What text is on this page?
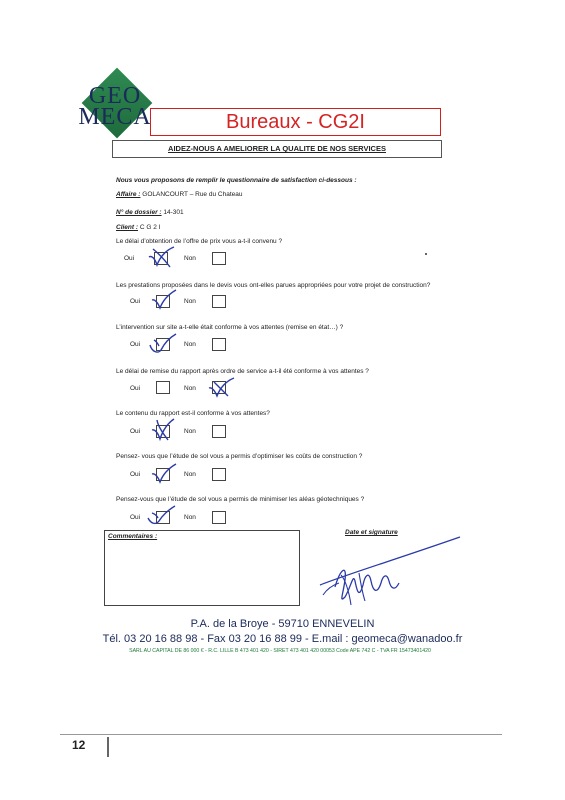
GEO
MECA	Bureaux - CG2I
AIDEZ-NOUS A AMELIORER LA QUALITE DE NOS SERVICES
Nous vous proposons de remplir le questionnaire de satisfaction ci-dessous :
Affaire : GOLANCOURT – Rue du Chateau
N° de dossier : 14-301
Client : C G 2 I
Le délai d’obtention de l’offre de prix vous a-t-il convenu ?
Oui	Non
Les prestations proposées dans le devis vous ont-elles parues appropriées pour votre projet de construction?
Oui	Non
L’intervention sur site a-t-elle était conforme à vos attentes (remise en état…) ?
Oui	Non
Le délai de remise du rapport après ordre de service a-t-il été conforme à vos attentes ?
Oui	Non
Le contenu du rapport est-il conforme à vos attentes?
Oui	Non
Pensez- vous que l’étude de sol vous a permis d’optimiser les coûts de construction ?
Oui	Non
Pensez-vous que l’étude de sol vous a permis de minimiser les aléas géotechniques ?
Oui	Non
Commentaires :
Date et signature
P.A. de la Broye - 59710 ENNEVELIN
Tél. 03 20 16 88 98 - Fax 03 20 16 88 99 - E.mail : geomeca@wanadoo.fr
SARL AU CAPITAL DE 86 000 € - R.C. LILLE B 473 401 420 - SIRET 473 401 420 00053 Code APE 742 C - TVA FR 15473401420
12
